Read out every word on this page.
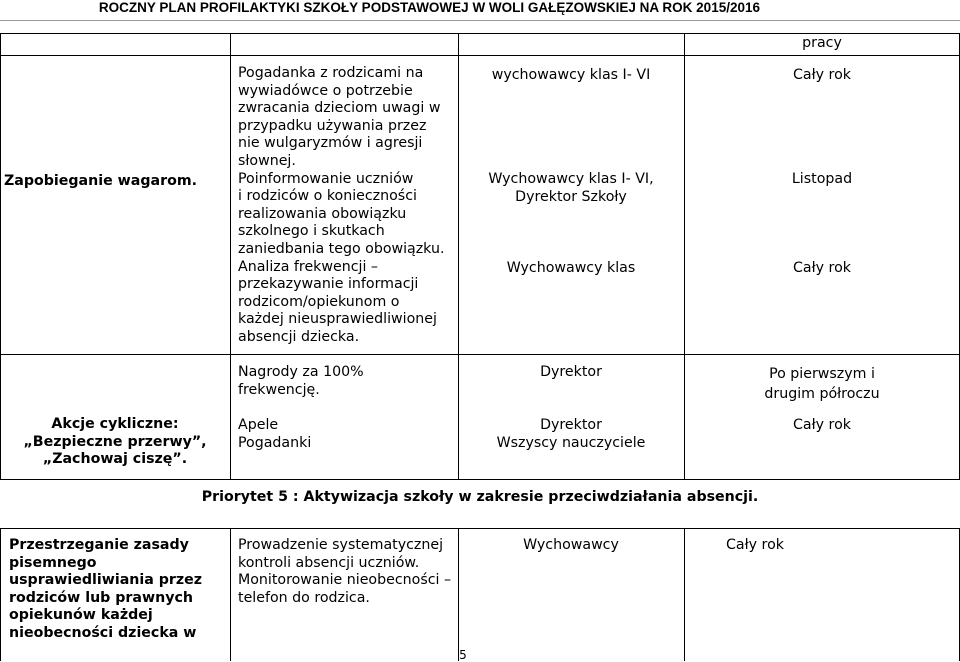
ROCZNY PLAN PROFILAKTYKI SZKOŁY PODSTAWOWEJ W WOLI GAŁĘZOWSKIEJ NA ROK 2015/2016
pracy
Zapobieganie wagarom.
Pogadanka z rodzicami na
wywiadówce o potrzebie
zwracania dzieciom uwagi w
przypadku używania przez
nie wulgaryzmów i agresji
słownej.
Poinformowanie uczniów
i rodziców o konieczności
realizowania obowiązku
szkolnego i skutkach
zaniedbania tego obowiązku.
Analiza frekwencji –
przekazywanie informacji
rodzicom/opiekunom o
każdej nieusprawiedliwionej
absencji dziecka.
wychowawcy klas I- VI
Wychowawcy klas I- VI,
Dyrektor Szkoły
Wychowawcy klas
Cały rok
Listopad
Cały rok
Akcje cykliczne:
„Bezpieczne przerwy”,
„Zachowaj ciszę”.
Nagrody za 100%
frekwencję.
Apele
Pogadanki
Dyrektor
Dyrektor
Wszyscy nauczyciele
Po pierwszym i
drugim półroczu
Cały rok
Priorytet 5 : Aktywizacja szkoły w zakresie przeciwdziałania absencji.
Przestrzeganie zasady
pisemnego
usprawiedliwiania przez
rodziców lub prawnych
opiekunów każdej
nieobecności dziecka w
Prowadzenie systematycznej
kontroli absencji uczniów.
Monitorowanie nieobecności –
telefon do rodzica.
Wychowawcy	Cały rok
5
